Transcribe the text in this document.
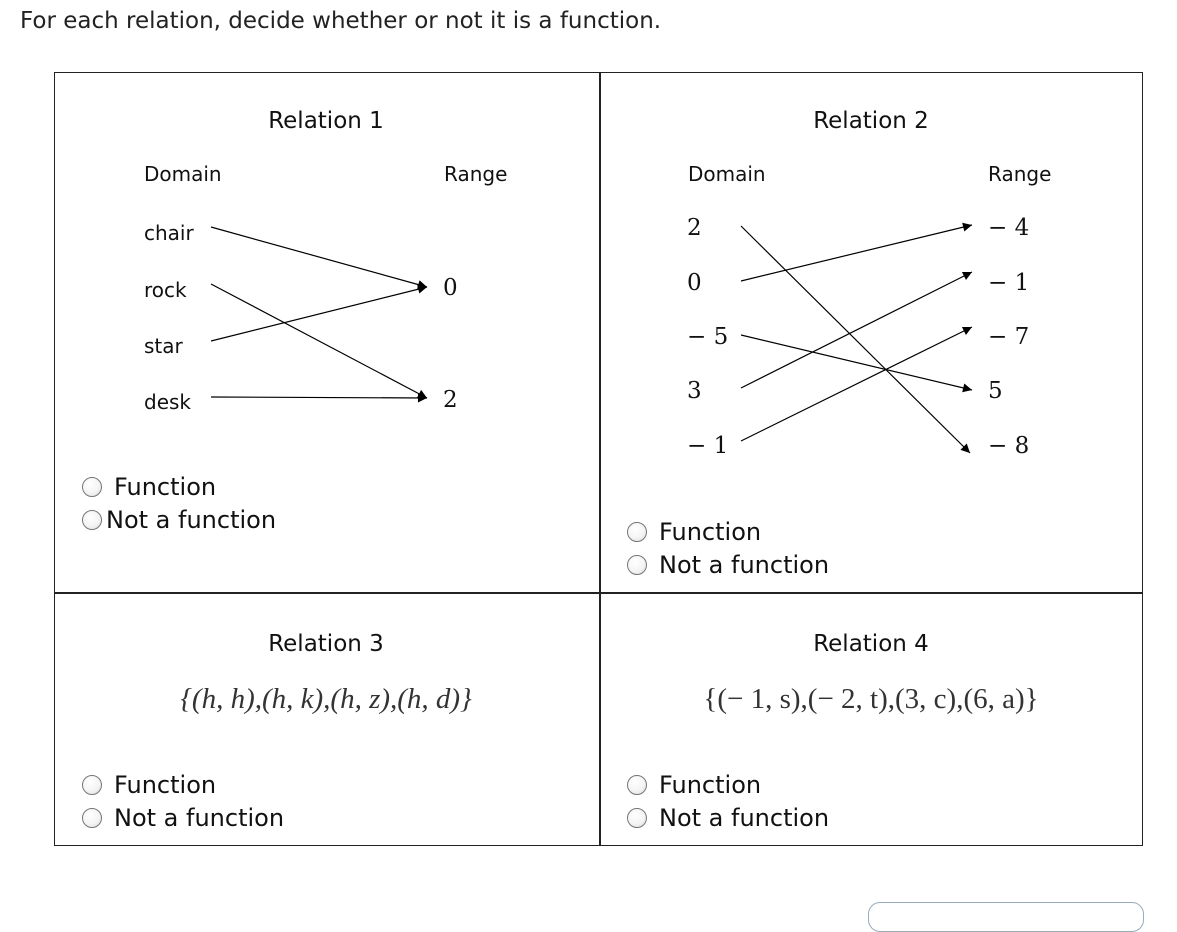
For each relation, decide whether or not it is a function.
Relation 1
Domain	Range
chair
rock
star
desk
0
2
Function
Not a function
Relation 2
Domain	Range
2
0
− 5
3
− 1
− 4
− 1
− 7
5
− 8
Function
Not a function
Relation 3
{(h, h),(h, k),(h, z),(h, d)}
Function
Not a function
Relation 4
{(− 1, s),(− 2, t),(3, c),(6, a)}
Function
Not a function
